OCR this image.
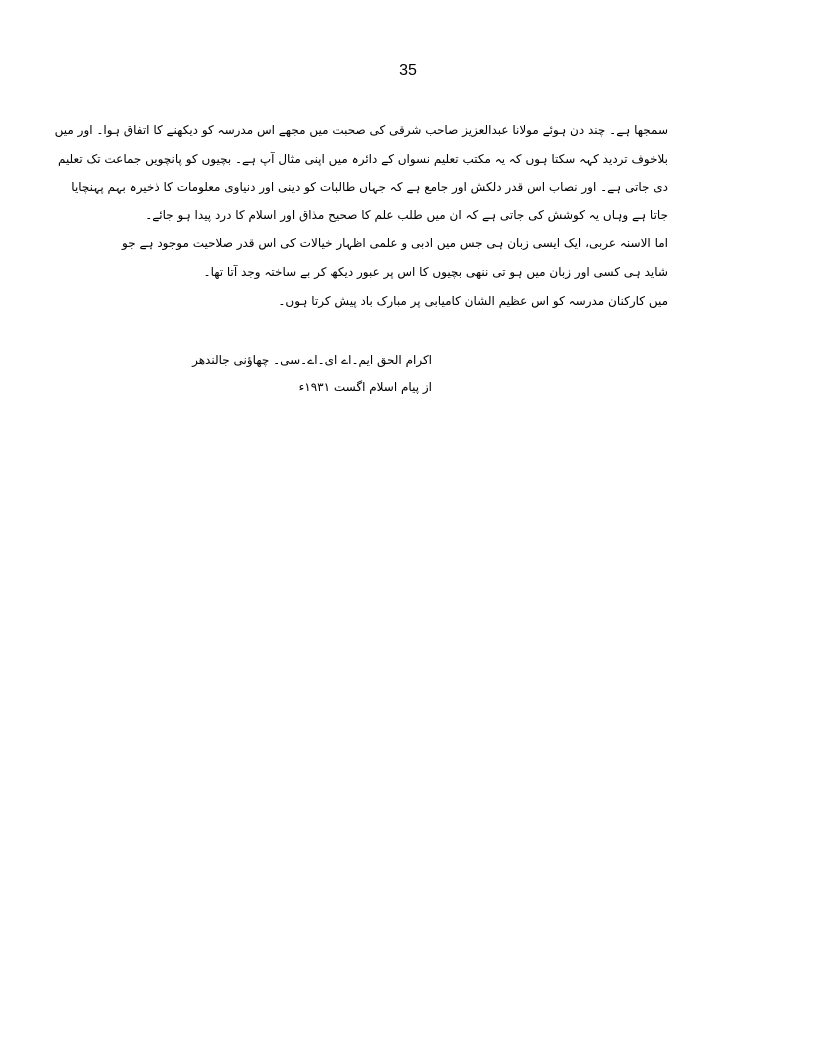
35
سمجھا ہے۔ چند دن ہوئے مولانا عبدالعزیز صاحب شرقی کی صحبت میں مجھے اس مدرسہ کو دیکھنے کا اتفاق ہوا۔ اور میں
بلاخوف تردید کہہ سکتا ہوں کہ یہ مکتب تعلیم نسواں کے دائرہ میں اپنی مثال آپ ہے۔ بچیوں کو پانچویں جماعت تک تعلیم
دی جاتی ہے۔ اور نصاب اس قدر دلکش اور جامع ہے کہ جہاں طالبات کو دینی اور دنیاوی معلومات کا ذخیرہ بہم پہنچایا
جاتا ہے وہاں یہ کوشش کی جاتی ہے کہ ان میں طلب علم کا صحیح مذاق اور اسلام کا درد پیدا ہو جائے۔
اما الاسنہ عربی، ایک ایسی زبان ہی جس میں ادبی و علمی اظہار خیالات کی اس قدر صلاحیت موجود ہے جو
شاید ہی کسی اور زبان میں ہو تی ننھی بچیوں کا اس پر عبور دیکھ کر بے ساختہ وجد آتا تھا۔
میں کارکنان مدرسہ کو اس عظیم الشان کامیابی پر مبارک باد پیش کرتا ہوں۔
اکرام الحق ایم۔اے ای۔اے۔سی۔ چھاؤنی جالندھر
از پیام اسلام اگست ۱۹۳۱ء
